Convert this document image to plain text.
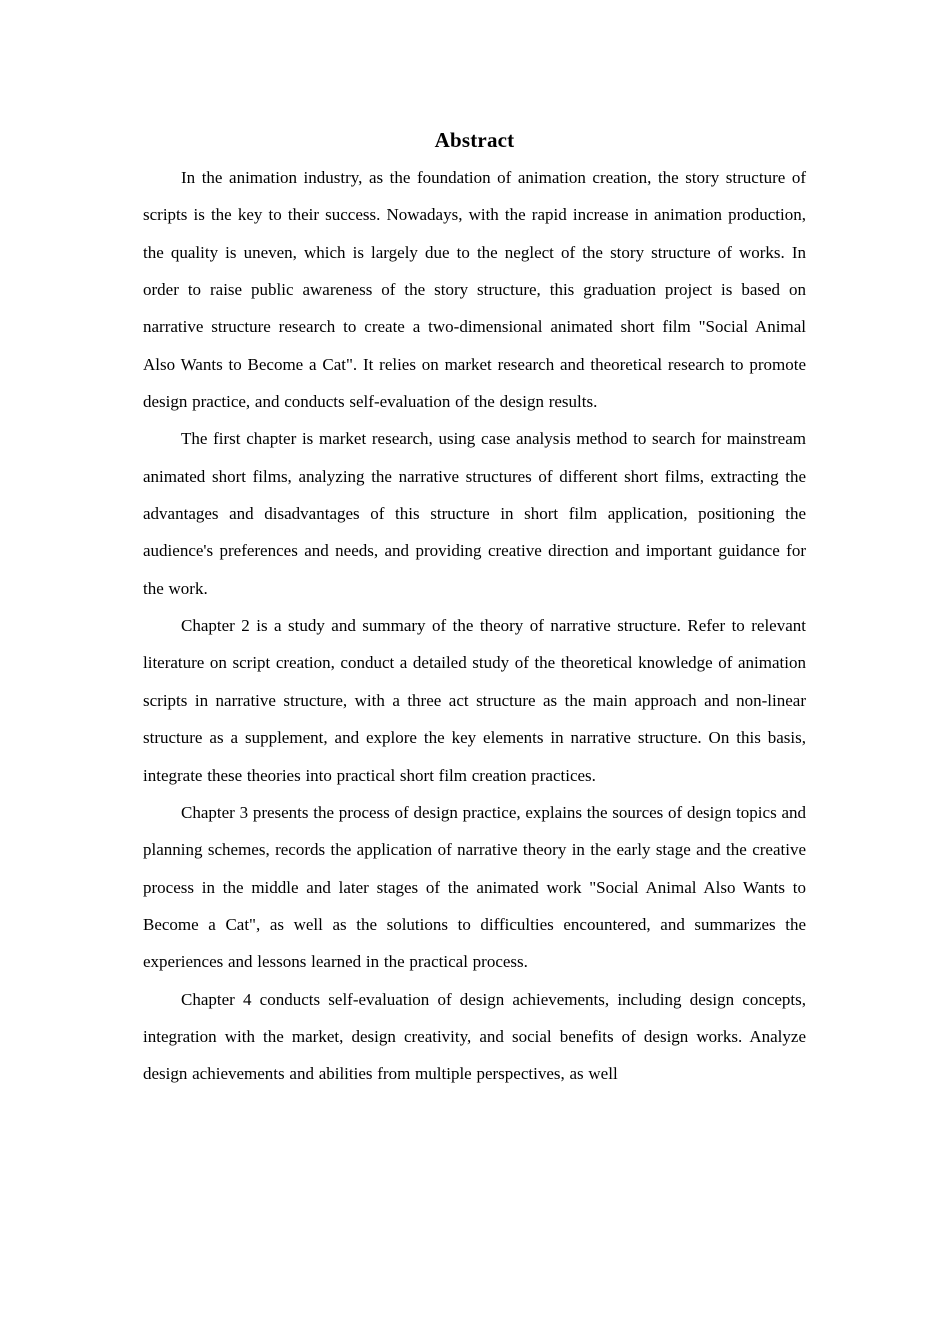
Abstract

In the animation industry, as the foundation of animation creation, the story structure of scripts is the key to their success. Nowadays, with the rapid increase in animation production, the quality is uneven, which is largely due to the neglect of the story structure of works. In order to raise public awareness of the story structure, this graduation project is based on narrative structure research to create a two-dimensional animated short film "Social Animal Also Wants to Become a Cat". It relies on market research and theoretical research to promote design practice, and conducts self-evaluation of the design results.

The first chapter is market research, using case analysis method to search for mainstream animated short films, analyzing the narrative structures of different short films, extracting the advantages and disadvantages of this structure in short film application, positioning the audience's preferences and needs, and providing creative direction and important guidance for the work.

Chapter 2 is a study and summary of the theory of narrative structure. Refer to relevant literature on script creation, conduct a detailed study of the theoretical knowledge of animation scripts in narrative structure, with a three act structure as the main approach and non-linear structure as a supplement, and explore the key elements in narrative structure. On this basis, integrate these theories into practical short film creation practices.

Chapter 3 presents the process of design practice, explains the sources of design topics and planning schemes, records the application of narrative theory in the early stage and the creative process in the middle and later stages of the animated work "Social Animal Also Wants to Become a Cat", as well as the solutions to difficulties encountered, and summarizes the experiences and lessons learned in the practical process.

Chapter 4 conducts self-evaluation of design achievements, including design concepts, integration with the market, design creativity, and social benefits of design works. Analyze design achievements and abilities from multiple perspectives, as well
